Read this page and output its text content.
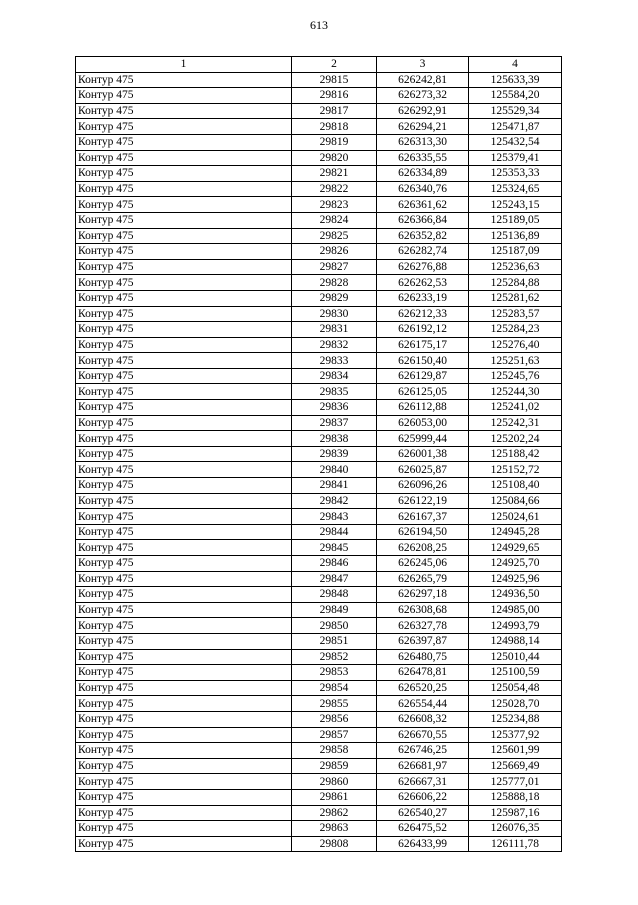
613
1	2	3	4
Контур 475	29815	626242,81	125633,39
Контур 475	29816	626273,32	125584,20
Контур 475	29817	626292,91	125529,34
Контур 475	29818	626294,21	125471,87
Контур 475	29819	626313,30	125432,54
Контур 475	29820	626335,55	125379,41
Контур 475	29821	626334,89	125353,33
Контур 475	29822	626340,76	125324,65
Контур 475	29823	626361,62	125243,15
Контур 475	29824	626366,84	125189,05
Контур 475	29825	626352,82	125136,89
Контур 475	29826	626282,74	125187,09
Контур 475	29827	626276,88	125236,63
Контур 475	29828	626262,53	125284,88
Контур 475	29829	626233,19	125281,62
Контур 475	29830	626212,33	125283,57
Контур 475	29831	626192,12	125284,23
Контур 475	29832	626175,17	125276,40
Контур 475	29833	626150,40	125251,63
Контур 475	29834	626129,87	125245,76
Контур 475	29835	626125,05	125244,30
Контур 475	29836	626112,88	125241,02
Контур 475	29837	626053,00	125242,31
Контур 475	29838	625999,44	125202,24
Контур 475	29839	626001,38	125188,42
Контур 475	29840	626025,87	125152,72
Контур 475	29841	626096,26	125108,40
Контур 475	29842	626122,19	125084,66
Контур 475	29843	626167,37	125024,61
Контур 475	29844	626194,50	124945,28
Контур 475	29845	626208,25	124929,65
Контур 475	29846	626245,06	124925,70
Контур 475	29847	626265,79	124925,96
Контур 475	29848	626297,18	124936,50
Контур 475	29849	626308,68	124985,00
Контур 475	29850	626327,78	124993,79
Контур 475	29851	626397,87	124988,14
Контур 475	29852	626480,75	125010,44
Контур 475	29853	626478,81	125100,59
Контур 475	29854	626520,25	125054,48
Контур 475	29855	626554,44	125028,70
Контур 475	29856	626608,32	125234,88
Контур 475	29857	626670,55	125377,92
Контур 475	29858	626746,25	125601,99
Контур 475	29859	626681,97	125669,49
Контур 475	29860	626667,31	125777,01
Контур 475	29861	626606,22	125888,18
Контур 475	29862	626540,27	125987,16
Контур 475	29863	626475,52	126076,35
Контур 475	29808	626433,99	126111,78
